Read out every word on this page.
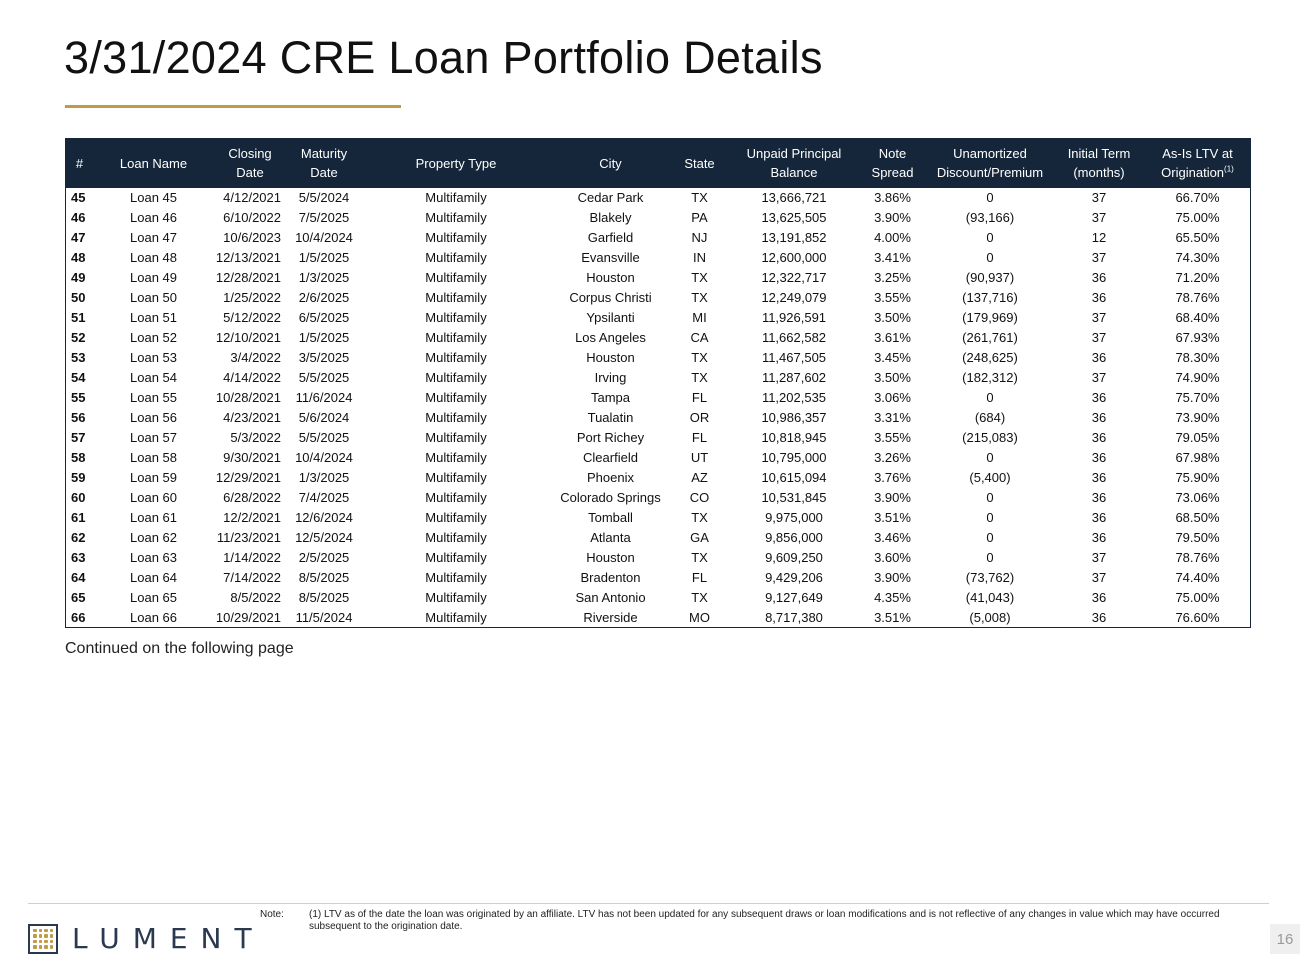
3/31/2024 CRE Loan Portfolio Details
#	Loan Name	Closing Date	Maturity Date	Property Type	City	State	Unpaid Principal Balance	Note Spread	Unamortized Discount/Premium	Initial Term (months)	As-Is LTV at Origination$^{(1)}$
45	Loan 45	4/12/2021	5/5/2024	Multifamily	Cedar Park	TX	13,666,721	3.86%	0	37	66.70%
46	Loan 46	6/10/2022	7/5/2025	Multifamily	Blakely	PA	13,625,505	3.90%	(93,166)	37	75.00%
47	Loan 47	10/6/2023	10/4/2024	Multifamily	Garfield	NJ	13,191,852	4.00%	0	12	65.50%
48	Loan 48	12/13/2021	1/5/2025	Multifamily	Evansville	IN	12,600,000	3.41%	0	37	74.30%
49	Loan 49	12/28/2021	1/3/2025	Multifamily	Houston	TX	12,322,717	3.25%	(90,937)	36	71.20%
50	Loan 50	1/25/2022	2/6/2025	Multifamily	Corpus Christi	TX	12,249,079	3.55%	(137,716)	36	78.76%
51	Loan 51	5/12/2022	6/5/2025	Multifamily	Ypsilanti	MI	11,926,591	3.50%	(179,969)	37	68.40%
52	Loan 52	12/10/2021	1/5/2025	Multifamily	Los Angeles	CA	11,662,582	3.61%	(261,761)	37	67.93%
53	Loan 53	3/4/2022	3/5/2025	Multifamily	Houston	TX	11,467,505	3.45%	(248,625)	36	78.30%
54	Loan 54	4/14/2022	5/5/2025	Multifamily	Irving	TX	11,287,602	3.50%	(182,312)	37	74.90%
55	Loan 55	10/28/2021	11/6/2024	Multifamily	Tampa	FL	11,202,535	3.06%	0	36	75.70%
56	Loan 56	4/23/2021	5/6/2024	Multifamily	Tualatin	OR	10,986,357	3.31%	(684)	36	73.90%
57	Loan 57	5/3/2022	5/5/2025	Multifamily	Port Richey	FL	10,818,945	3.55%	(215,083)	36	79.05%
58	Loan 58	9/30/2021	10/4/2024	Multifamily	Clearfield	UT	10,795,000	3.26%	0	36	67.98%
59	Loan 59	12/29/2021	1/3/2025	Multifamily	Phoenix	AZ	10,615,094	3.76%	(5,400)	36	75.90%
60	Loan 60	6/28/2022	7/4/2025	Multifamily	Colorado Springs	CO	10,531,845	3.90%	0	36	73.06%
61	Loan 61	12/2/2021	12/6/2024	Multifamily	Tomball	TX	9,975,000	3.51%	0	36	68.50%
62	Loan 62	11/23/2021	12/5/2024	Multifamily	Atlanta	GA	9,856,000	3.46%	0	36	79.50%
63	Loan 63	1/14/2022	2/5/2025	Multifamily	Houston	TX	9,609,250	3.60%	0	37	78.76%
64	Loan 64	7/14/2022	8/5/2025	Multifamily	Bradenton	FL	9,429,206	3.90%	(73,762)	37	74.40%
65	Loan 65	8/5/2022	8/5/2025	Multifamily	San Antonio	TX	9,127,649	4.35%	(41,043)	36	75.00%
66	Loan 66	10/29/2021	11/5/2024	Multifamily	Riverside	MO	8,717,380	3.51%	(5,008)	36	76.60%
Continued on the following page
LUMENT
Note:	(1) LTV as of the date the loan was originated by an affiliate. LTV has not been updated for any subsequent draws or loan modifications and is not reflective of any changes in value which may have occurred subsequent to the origination date.
16
